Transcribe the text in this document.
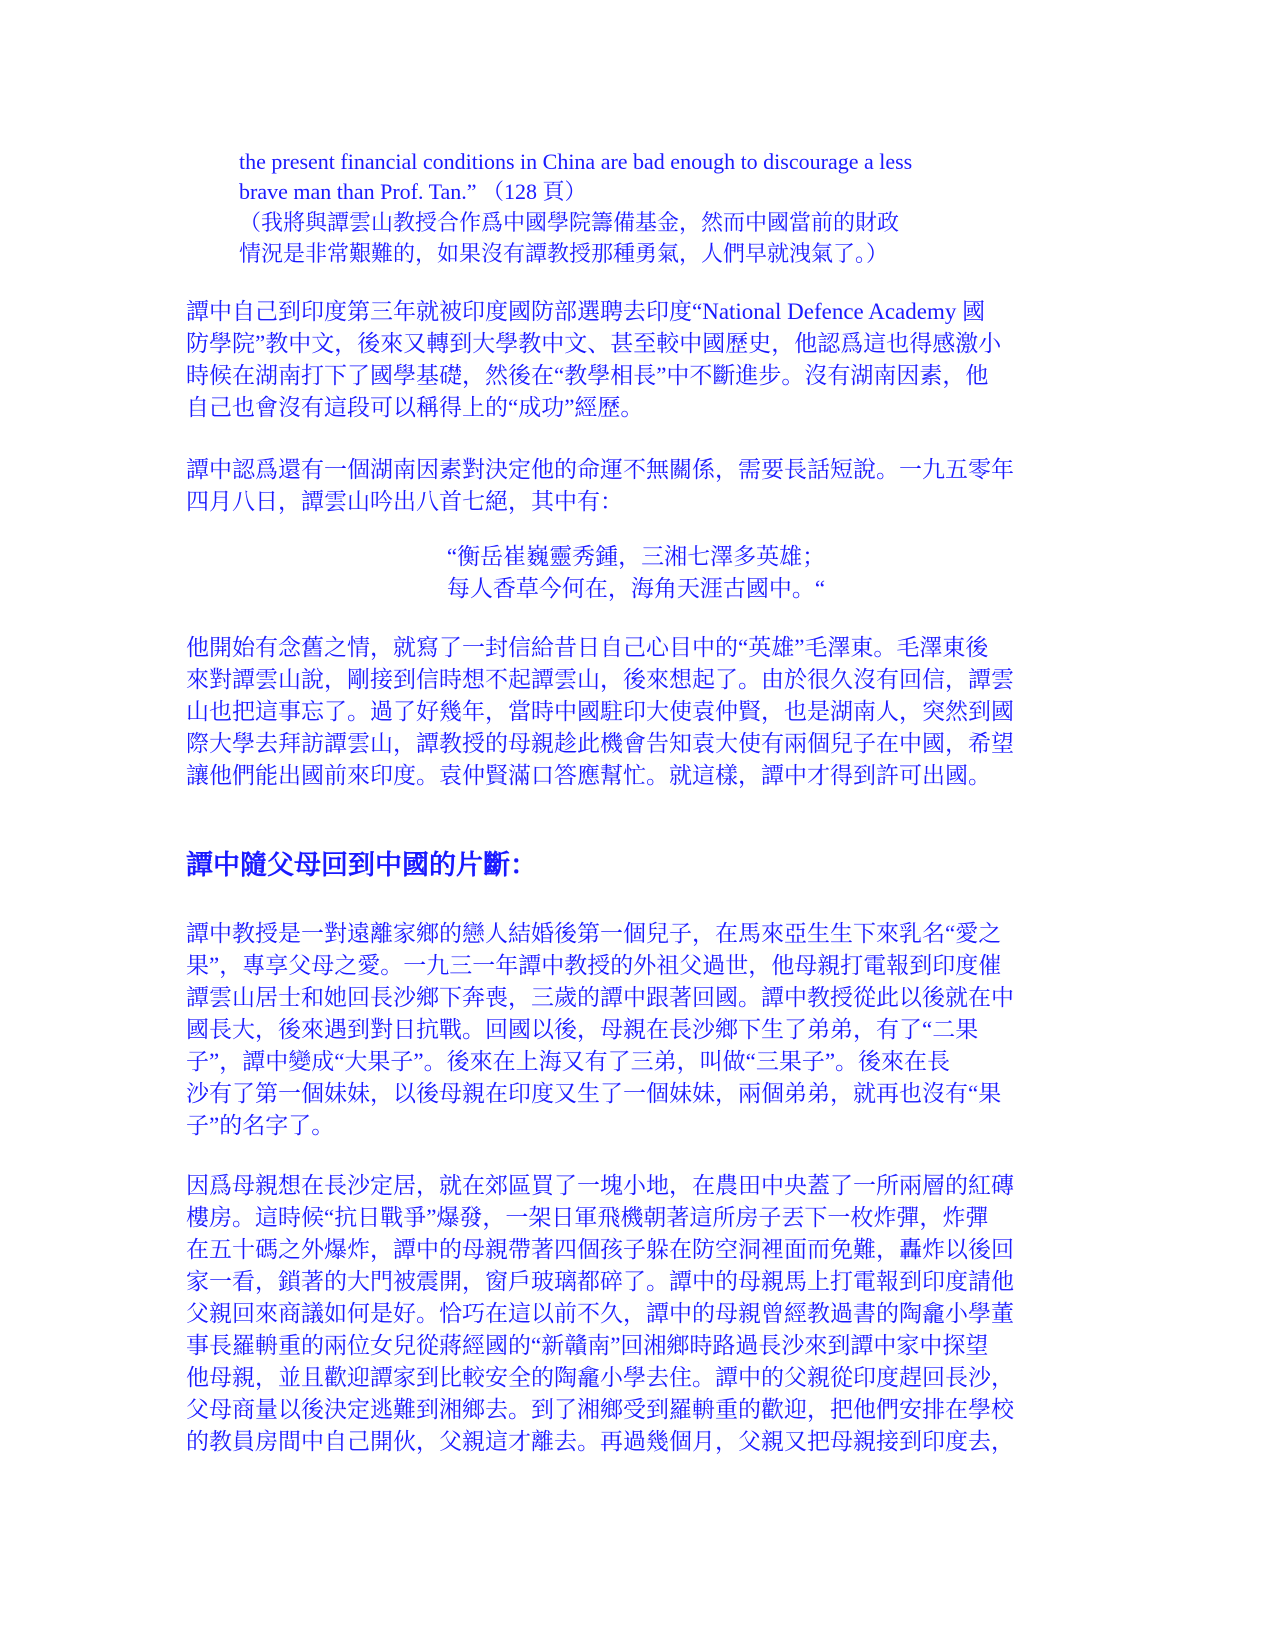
the present financial conditions in China are bad enough to discourage a less
brave man than Prof. Tan.” （128 頁）
（我將與譚雲山教授合作爲中國學院籌備基金，然而中國當前的財政
情況是非常艱難的，如果沒有譚教授那種勇氣，人們早就洩氣了。）
譚中自己到印度第三年就被印度國防部選聘去印度“National Defence Academy 國
防學院”教中文，後來又轉到大學教中文、甚至較中國歷史，他認爲這也得感激小
時候在湖南打下了國學基礎，然後在“教學相長”中不斷進步。沒有湖南因素，他
自己也會沒有這段可以稱得上的“成功”經歷。
譚中認爲還有一個湖南因素對決定他的命運不無關係，需要長話短說。一九五零年
四月八日，譚雲山吟出八首七絕，其中有：
“衡岳崔巍靈秀鍾，三湘七澤多英雄；
每人香草今何在，海角天涯古國中。“
他開始有念舊之情，就寫了一封信給昔日自己心目中的“英雄”毛澤東。毛澤東後
來對譚雲山說，剛接到信時想不起譚雲山，後來想起了。由於很久沒有回信，譚雲
山也把這事忘了。過了好幾年，當時中國駐印大使袁仲賢，也是湖南人，突然到國
際大學去拜訪譚雲山，譚教授的母親趁此機會告知袁大使有兩個兒子在中國，希望
讓他們能出國前來印度。袁仲賢滿口答應幫忙。就這樣，譚中才得到許可出國。
譚中隨父母回到中國的片斷：
譚中教授是一對遠離家鄉的戀人結婚後第一個兒子，在馬來亞生生下來乳名“愛之
果”，專享父母之愛。一九三一年譚中教授的外祖父過世，他母親打電報到印度催
譚雲山居士和她回長沙鄉下奔喪，三歲的譚中跟著回國。譚中教授從此以後就在中
國長大，後來遇到對日抗戰。回國以後，母親在長沙鄉下生了弟弟，有了“二果
子”，譚中變成“大果子”。後來在上海又有了三弟，叫做“三果子”。後來在長
沙有了第一個妹妹，以後母親在印度又生了一個妹妹，兩個弟弟，就再也沒有“果
子”的名字了。
因爲母親想在長沙定居，就在郊區買了一塊小地，在農田中央蓋了一所兩層的紅磚
樓房。這時候“抗日戰爭”爆發，一架日軍飛機朝著這所房子丟下一枚炸彈，炸彈
在五十碼之外爆炸，譚中的母親帶著四個孩子躲在防空洞裡面而免難，轟炸以後回
家一看，鎖著的大門被震開，窗戶玻璃都碎了。譚中的母親馬上打電報到印度請他
父親回來商議如何是好。恰巧在這以前不久，譚中的母親曾經教過書的陶龕小學董
事長羅輈重的兩位女兒從蔣經國的“新贛南”回湘鄉時路過長沙來到譚中家中探望
他母親，並且歡迎譚家到比較安全的陶龕小學去住。譚中的父親從印度趕回長沙，
父母商量以後決定逃難到湘鄉去。到了湘鄉受到羅輈重的歡迎，把他們安排在學校
的教員房間中自己開伙，父親這才離去。再過幾個月，父親又把母親接到印度去，
